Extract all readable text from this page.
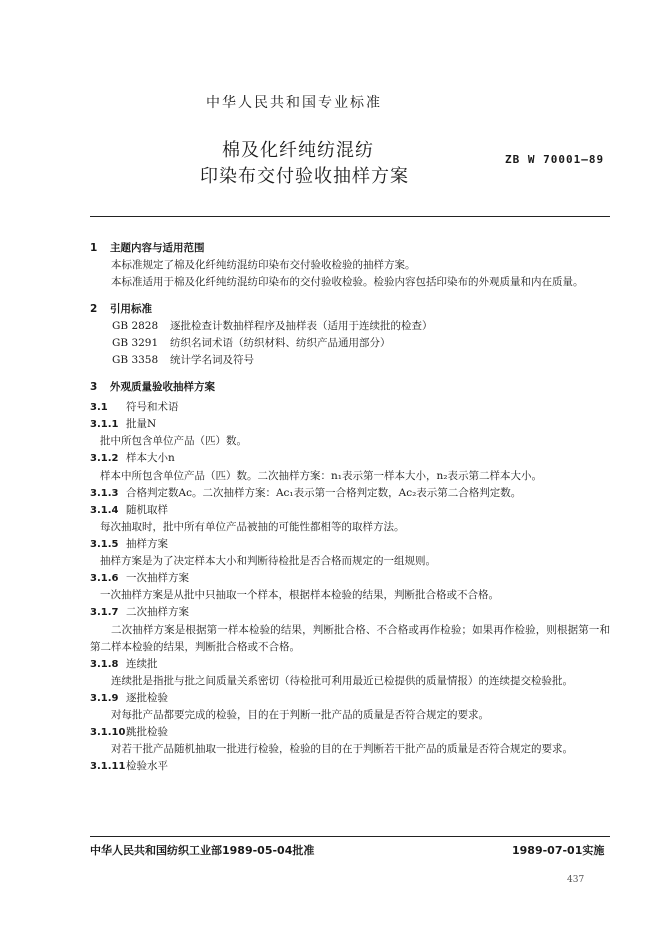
中华人民共和国专业标准
棉及化纤纯纺混纺
印染布交付验收抽样方案
ZB W 70001—89
1 主题内容与适用范围
本标准规定了棉及化纤纯纺混纺印染布交付验收检验的抽样方案。
本标准适用于棉及化纤纯纺混纺印染布的交付验收检验。检验内容包括印染布的外观质量和内在质量。
2 引用标准
GB 2828 逐批检查计数抽样程序及抽样表（适用于连续批的检查）
GB 3291 纺织名词术语（纺织材料、纺织产品通用部分）
GB 3358 统计学名词及符号
3 外观质量验收抽样方案
3.1 符号和术语
3.1.1 批量N
批中所包含单位产品（匹）数。
3.1.2 样本大小n
样本中所包含单位产品（匹）数。二次抽样方案：n₁表示第一样本大小，n₂表示第二样本大小。
3.1.3 合格判定数Ac。二次抽样方案：Ac₁表示第一合格判定数，Ac₂表示第二合格判定数。
3.1.4 随机取样
每次抽取时，批中所有单位产品被抽的可能性都相等的取样方法。
3.1.5 抽样方案
抽样方案是为了决定样本大小和判断待检批是否合格而规定的一组规则。
3.1.6 一次抽样方案
一次抽样方案是从批中只抽取一个样本，根据样本检验的结果，判断批合格或不合格。
3.1.7 二次抽样方案
二次抽样方案是根据第一样本检验的结果，判断批合格、不合格或再作检验；如果再作检验，则根据第一和第二样本检验的结果，判断批合格或不合格。
3.1.8 连续批
连续批是指批与批之间质量关系密切（待检批可利用最近已检提供的质量情报）的连续提交检验批。
3.1.9 逐批检验
对每批产品都要完成的检验，目的在于判断一批产品的质量是否符合规定的要求。
3.1.10跳批检验
对若干批产品随机抽取一批进行检验，检验的目的在于判断若干批产品的质量是否符合规定的要求。
3.1.11检验水平
中华人民共和国纺织工业部1989-05-04批准	1989-07-01实施
437
